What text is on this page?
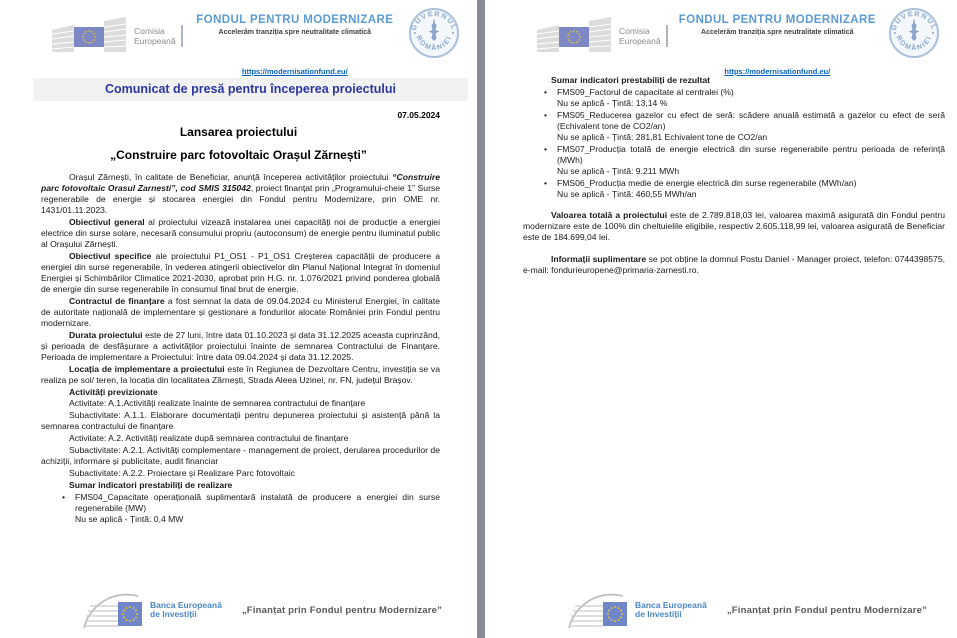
Comisia
Europeană
FONDUL PENTRU MODERNIZARE
Accelerăm tranziția spre neutralitate climatică

https://modernisationfund.eu/
GUVERNUL
ROMÂNIEI
Comunicat de presă pentru începerea proiectului
07.05.2024
Lansarea proiectului
„Construire parc fotovoltaic Orașul Zărnești”

Orașul Zărnești, în calitate de Beneficiar, anunță începerea activităților proiectului “Construire parc fotovoltaic Orasul Zarnesti”, cod SMIS 315042, proiect finanțat prin „Programului-cheie 1” Surse regenerabile de energie și stocarea energiei din Fondul pentru Modernizare, prin OME nr. 1431/01.11.2023.

Obiectivul general al proiectului vizează instalarea unei capacități noi de producție a energiei electrice din surse solare, necesară consumului propriu (autoconsum) de energie pentru iluminatul public al Orașului Zărnești.

Obiectivul specifice ale proiectului P1_OS1 - P1_OS1 Creșterea capacității de producere a energiei din surse regenerabile, în vederea atingerii obiectivelor din Planul Național Integrat în domeniul Energiei și Schimbărilor Climatice 2021-2030, aprobat prin H.G. nr. 1.076/2021 privind ponderea globală de energie din surse regenerabile în consumul final brut de energie.

Contractul de finanțare a fost semnat la data de 09.04.2024 cu Ministerul Energiei, în calitate de autoritate națională de implementare și gestionare a fondurilor alocate României prin Fondul pentru modernizare.

Durata proiectului este de 27 luni, între data 01.10.2023 și data 31.12.2025 aceasta cuprinzând, și perioada de desfășurare a activităților proiectului înainte de semnarea Contractului de Finanțare. Perioada de implementare a Proiectului: între data 09.04.2024 și data 31.12.2025.

Locația de implementare a proiectului este în Regiunea de Dezvoltare Centru, investiția se va realiza pe sol/ teren, la locatia din localitatea Zărnești, Strada Aleea Uzinei, nr. FN, județul Brașov.

Activități previzionate

Activitate: A.1.Activități realizate înainte de semnarea contractului de finanțare

Subactivitate: A.1.1. Elaborare documentații pentru depunerea proiectului și asistență până la semnarea contractului de finanțare

Activitate: A.2. Activități realizate după semnarea contractului de finanțare

Subactivitate: A.2.1. Activități complementare - management de proiect, derularea procedurilor de achiziții, informare și publicitate, audit financiar

Subactivitate: A.2.2. Proiectare și Realizare Parc fotovoltaic

Sumar indicatori prestabiliți de realizare
• FMS04_Capacitate operațională suplimentară instalată de producere a energiei din surse regenerabile (MW)
Nu se aplică - Țintă: 0,4 MW
Banca Europeană
de Investiții	„Finanțat prin Fondul pentru Modernizare”
Comisia
Europeană
FONDUL PENTRU MODERNIZARE
Accelerăm tranziția spre neutralitate climatică

https://modernisationfund.eu/
GUVERNUL
ROMÂNIEI
Sumar indicatori prestabiliți de rezultat
• FMS09_Factorul de capacitate al centralei (%)
Nu se aplică - Țintă: 13,14 %
• FMS05_Reducerea gazelor cu efect de seră: scădere anuală estimată a gazelor cu efect de seră (Echivalent tone de CO2/an)
Nu se aplică - Țintă: 281,81 Echivalent tone de CO2/an
• FMS07_Producția totală de energie electrică din surse regenerabile pentru perioada de referință (MWh)
Nu se aplică - Țintă: 9.211 MWh
• FMS06_Producția medie de energie electrică din surse regenerabile (MWh/an)
Nu se aplică - Țintă: 460,55 MWh/an

Valoarea totală a proiectului este de 2.789.818,03 lei, valoarea maximă asigurată din Fondul pentru modernizare este de 100% din cheltuielile eligibile, respectiv 2.605.118,99 lei, valoarea asigurată de Beneficiar este de 184.699,04 lei.

Informații suplimentare se pot obține la domnul Postu Daniel - Manager proiect, telefon: 0744398575, e-mail: fondurieuropene@primaria-zarnesti.ro.

Banca Europeană
de Investiții	„Finanțat prin Fondul pentru Modernizare”
